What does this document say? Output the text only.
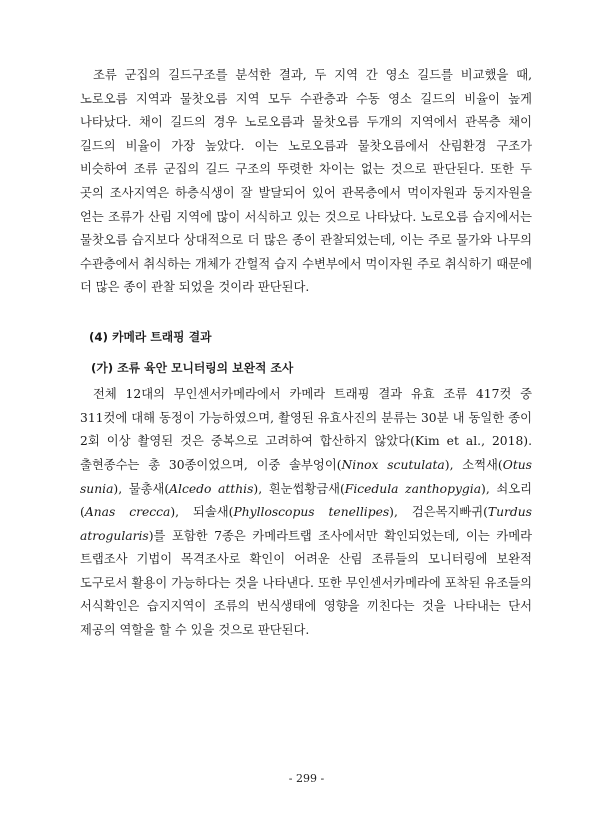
조류 군집의 길드구조를 분석한 결과, 두 지역 간 영소 길드를 비교했을 때, 노로오름 지역과 물찻오름 지역 모두 수관층과 수동 영소 길드의 비율이 높게 나타났다. 채이 길드의 경우 노로오름과 물찻오름 두개의 지역에서 관목층 채이 길드의 비율이 가장 높았다. 이는 노로오름과 물찻오름에서 산림환경 구조가 비슷하여 조류 군집의 길드 구조의 뚜렷한 차이는 없는 것으로 판단된다. 또한 두 곳의 조사지역은 하층식생이 잘 발달되어 있어 관목층에서 먹이자원과 둥지자원을 얻는 조류가 산림 지역에 많이 서식하고 있는 것으로 나타났다. 노로오름 습지에서는 물찻오름 습지보다 상대적으로 더 많은 종이 관찰되었는데, 이는 주로 물가와 나무의 수관층에서 취식하는 개체가 간헐적 습지 수변부에서 먹이자원 주로 취식하기 때문에 더 많은 종이 관찰 되었을 것이라 판단된다.

(4) 카메라 트래핑 결과

(가) 조류 육안 모니터링의 보완적 조사

전체 12대의 무인센서카메라에서 카메라 트래핑 결과 유효 조류 417컷 중 311컷에 대해 동정이 가능하였으며, 촬영된 유효사진의 분류는 30분 내 동일한 종이 2회 이상 촬영된 것은 중복으로 고려하여 합산하지 않았다(Kim et al., 2018). 출현종수는 총 30종이었으며, 이중 솔부엉이(Ninox scutulata), 소쩍새(Otus sunia), 물총새(Alcedo atthis), 흰눈썹황금새(Ficedula zanthopygia), 쇠오리(Anas crecca), 되솔새(Phylloscopus tenellipes), 검은목지빠귀(Turdus atrogularis)를 포함한 7종은 카메라트랩 조사에서만 확인되었는데, 이는 카메라 트랩조사 기법이 목격조사로 확인이 어려운 산림 조류들의 모니터링에 보완적 도구로서 활용이 가능하다는 것을 나타낸다. 또한 무인센서카메라에 포착된 유조들의 서식확인은 습지지역이 조류의 번식생태에 영향을 끼친다는 것을 나타내는 단서 제공의 역할을 할 수 있을 것으로 판단된다.

- 299 -
